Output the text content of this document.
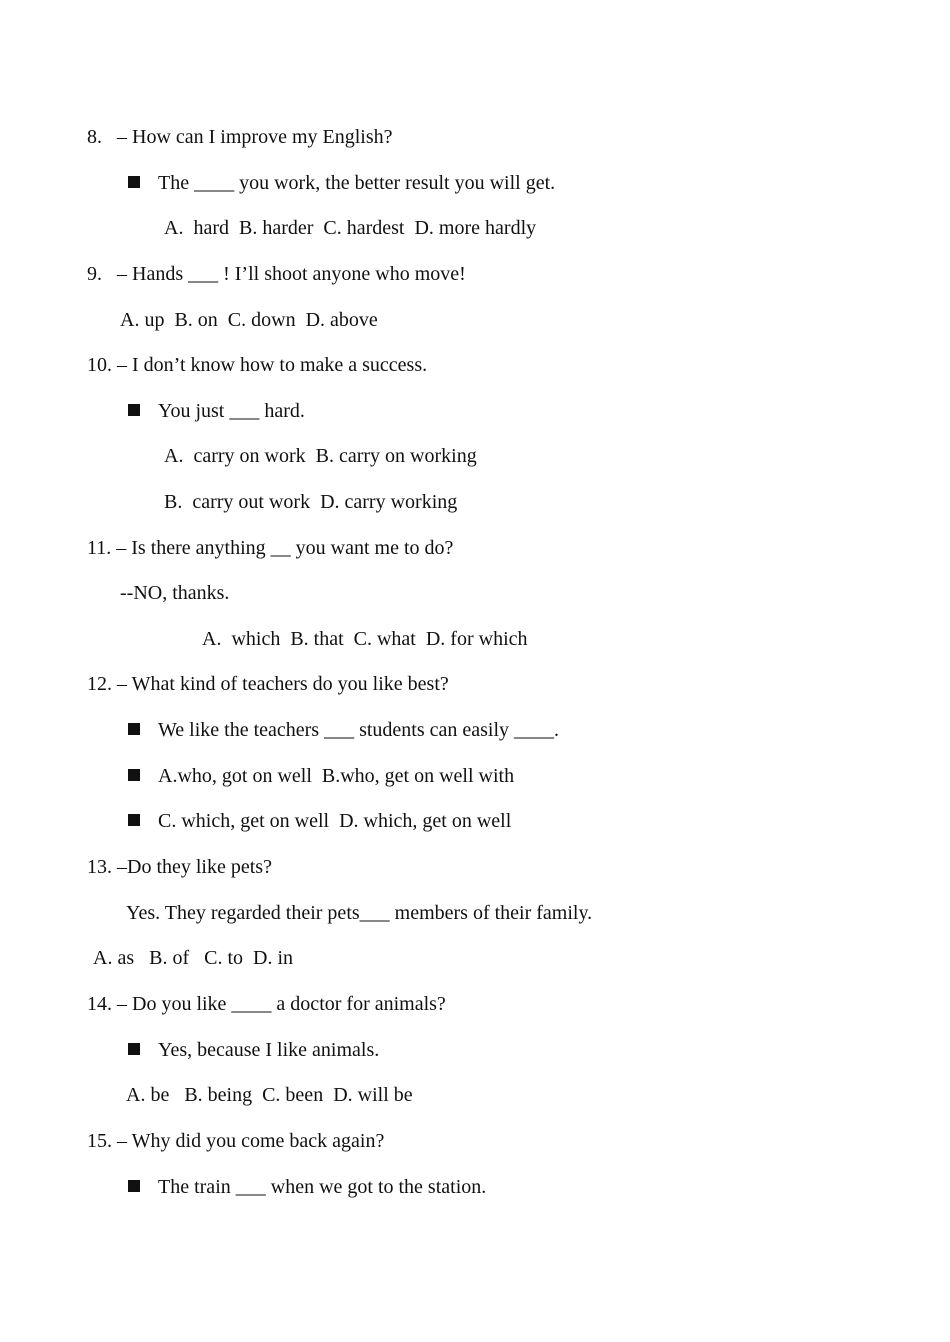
8.   – How can I improve my English?
The ____ you work, the better result you will get.
A.  hard  B. harder  C. hardest  D. more hardly
9.   – Hands ___ ! I’ll shoot anyone who move!
A. up  B. on  C. down  D. above
10. – I don’t know how to make a success.
You just ___ hard.
A.  carry on work  B. carry on working
B.  carry out work  D. carry working
11. – Is there anything __ you want me to do?
--NO, thanks.
A.  which  B. that  C. what  D. for which
12. – What kind of teachers do you like best?
We like the teachers ___ students can easily ____.
A.who, got on well  B.who, get on well with
C. which, get on well  D. which, get on well
13. –Do they like pets?
Yes. They regarded their pets___ members of their family.
A. as   B. of   C. to  D. in
14. – Do you like ____ a doctor for animals?
Yes, because I like animals.
A. be   B. being  C. been  D. will be
15. – Why did you come back again?
The train ___ when we got to the station.
